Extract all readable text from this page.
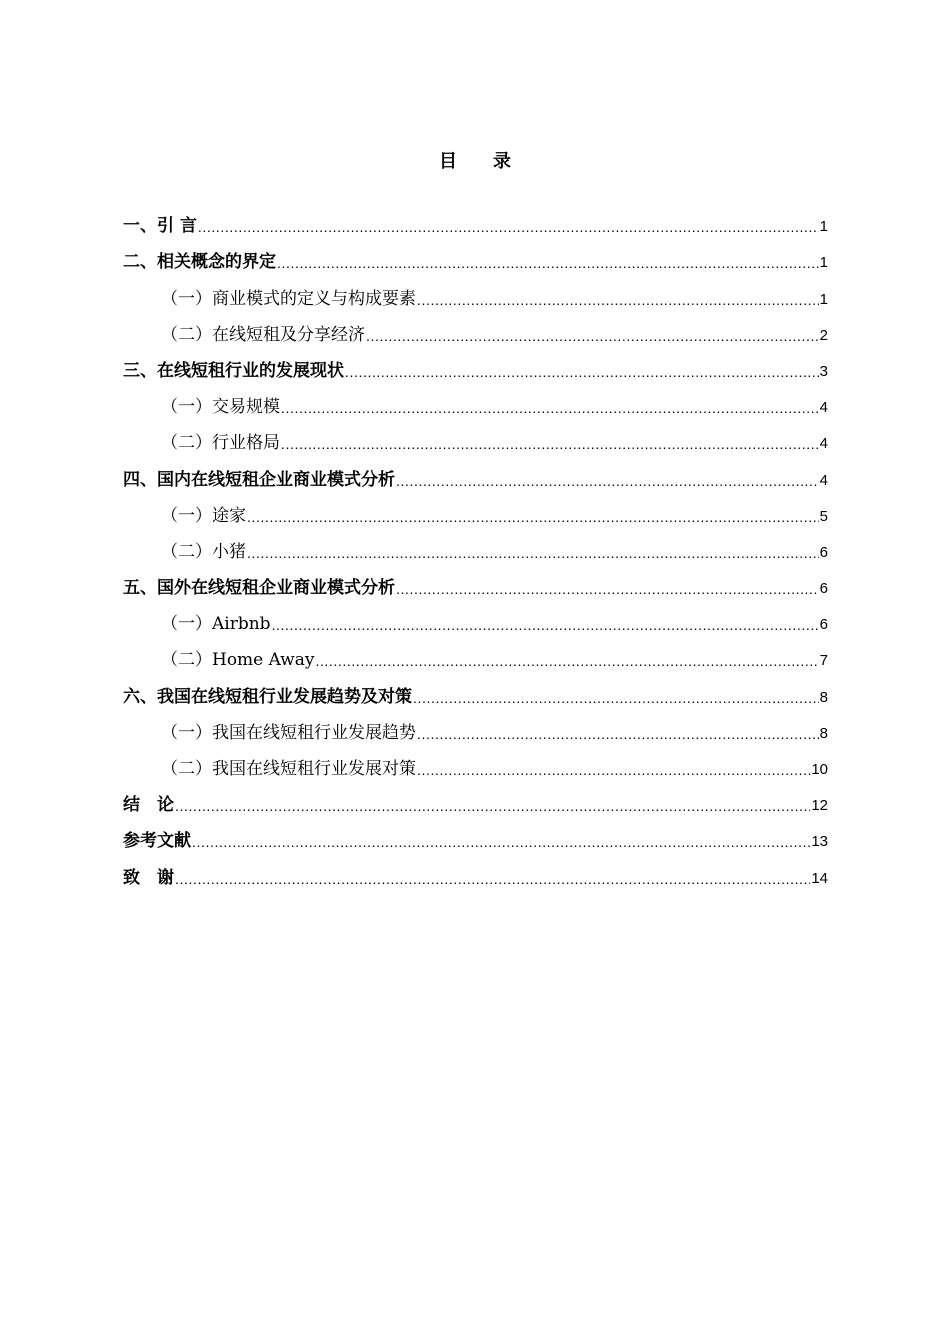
目　　录
一、引 言 .....	1
二、相关概念的界定 .....	1
（一）商业模式的定义与构成要素 .....	1
（二）在线短租及分享经济 .....	2
三、在线短租行业的发展现状 .....	3
（一）交易规模 .....	4
（二）行业格局 .....	4
四、国内在线短租企业商业模式分析 .....	4
（一）途家 .....	5
（二）小猪 .....	6
五、国外在线短租企业商业模式分析 .....	6
（一）Airbnb .....	6
（二）Home Away .....	7
六、我国在线短租行业发展趋势及对策 .....	8
（一）我国在线短租行业发展趋势 .....	8
（二）我国在线短租行业发展对策 .....	10
结　论 .....	12
参考文献 .....	13
致　谢 .....	14
